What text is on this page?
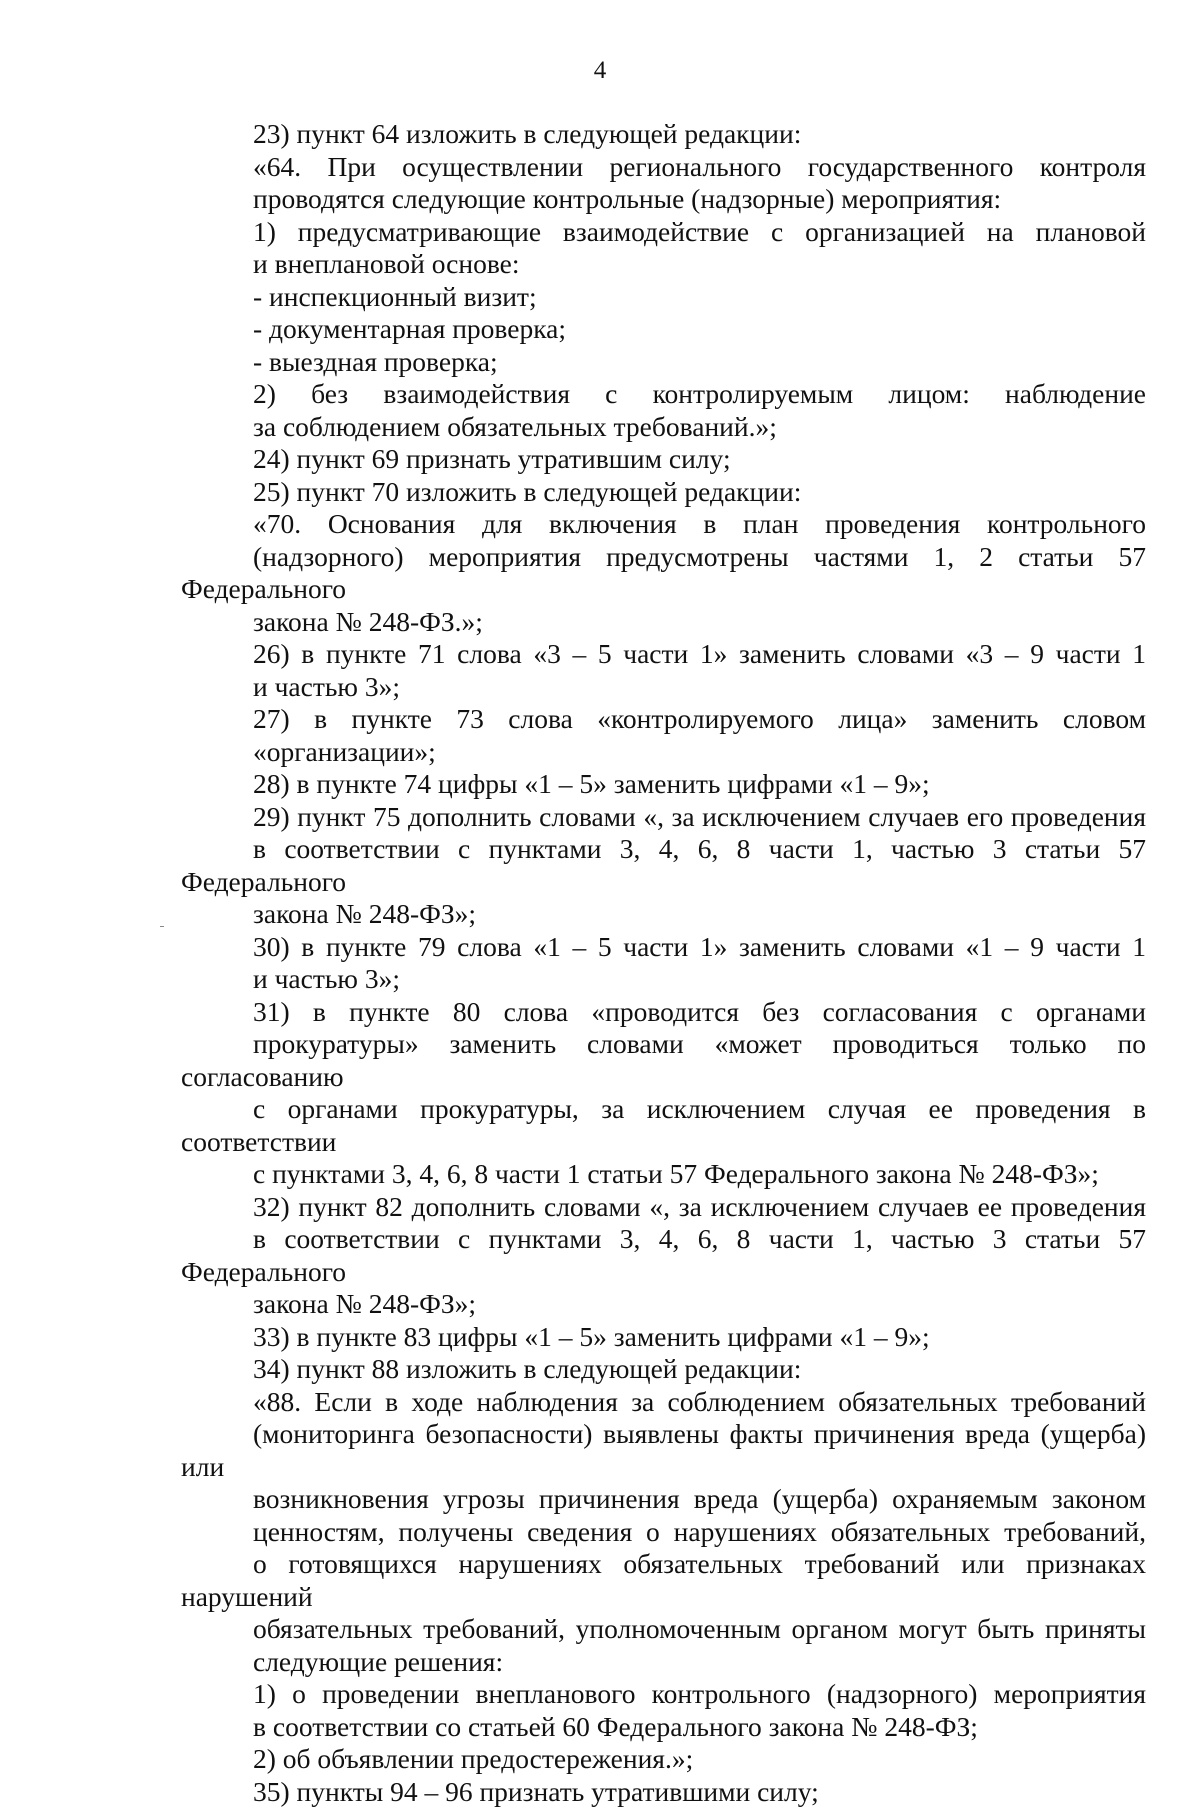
4
23) пункт 64 изложить в следующей редакции:
«64. При осуществлении регионального государственного контроля
проводятся следующие контрольные (надзорные) мероприятия:
1) предусматривающие взаимодействие с организацией на плановой
и внеплановой основе:
- инспекционный визит;
- документарная проверка;
- выездная проверка;
2) без взаимодействия с контролируемым лицом: наблюдение
за соблюдением обязательных требований.»;
24) пункт 69 признать утратившим силу;
25) пункт 70 изложить в следующей редакции:
«70. Основания для включения в план проведения контрольного
(надзорного) мероприятия предусмотрены частями 1, 2 статьи 57 Федерального
закона № 248-ФЗ.»;
26) в пункте 71 слова «3 – 5 части 1» заменить словами «3 – 9 части 1
и частью 3»;
27) в пункте 73 слова «контролируемого лица» заменить словом
«организации»;
28) в пункте 74 цифры «1 – 5» заменить цифрами «1 – 9»;
29) пункт 75 дополнить словами «, за исключением случаев его проведения
в соответствии с пунктами 3, 4, 6, 8 части 1, частью 3 статьи 57 Федерального
закона № 248-ФЗ»;
30) в пункте 79 слова «1 – 5 части 1» заменить словами «1 – 9 части 1
и частью 3»;
31) в пункте 80 слова «проводится без согласования с органами
прокуратуры» заменить словами «может проводиться только по согласованию
с органами прокуратуры, за исключением случая ее проведения в соответствии
с пунктами 3, 4, 6, 8 части 1 статьи 57 Федерального закона № 248-ФЗ»;
32) пункт 82 дополнить словами «, за исключением случаев ее проведения
в соответствии с пунктами 3, 4, 6, 8 части 1, частью 3 статьи 57 Федерального
закона № 248-ФЗ»;
33) в пункте 83 цифры «1 – 5» заменить цифрами «1 – 9»;
34) пункт 88 изложить в следующей редакции:
«88. Если в ходе наблюдения за соблюдением обязательных требований
(мониторинга безопасности) выявлены факты причинения вреда (ущерба) или
возникновения угрозы причинения вреда (ущерба) охраняемым законом
ценностям, получены сведения о нарушениях обязательных требований,
о готовящихся нарушениях обязательных требований или признаках нарушений
обязательных требований, уполномоченным органом могут быть приняты
следующие решения:
1) о проведении внепланового контрольного (надзорного) мероприятия
в соответствии со статьей 60 Федерального закона № 248-ФЗ;
2) об объявлении предостережения.»;
35) пункты 94 – 96 признать утратившими силу;
